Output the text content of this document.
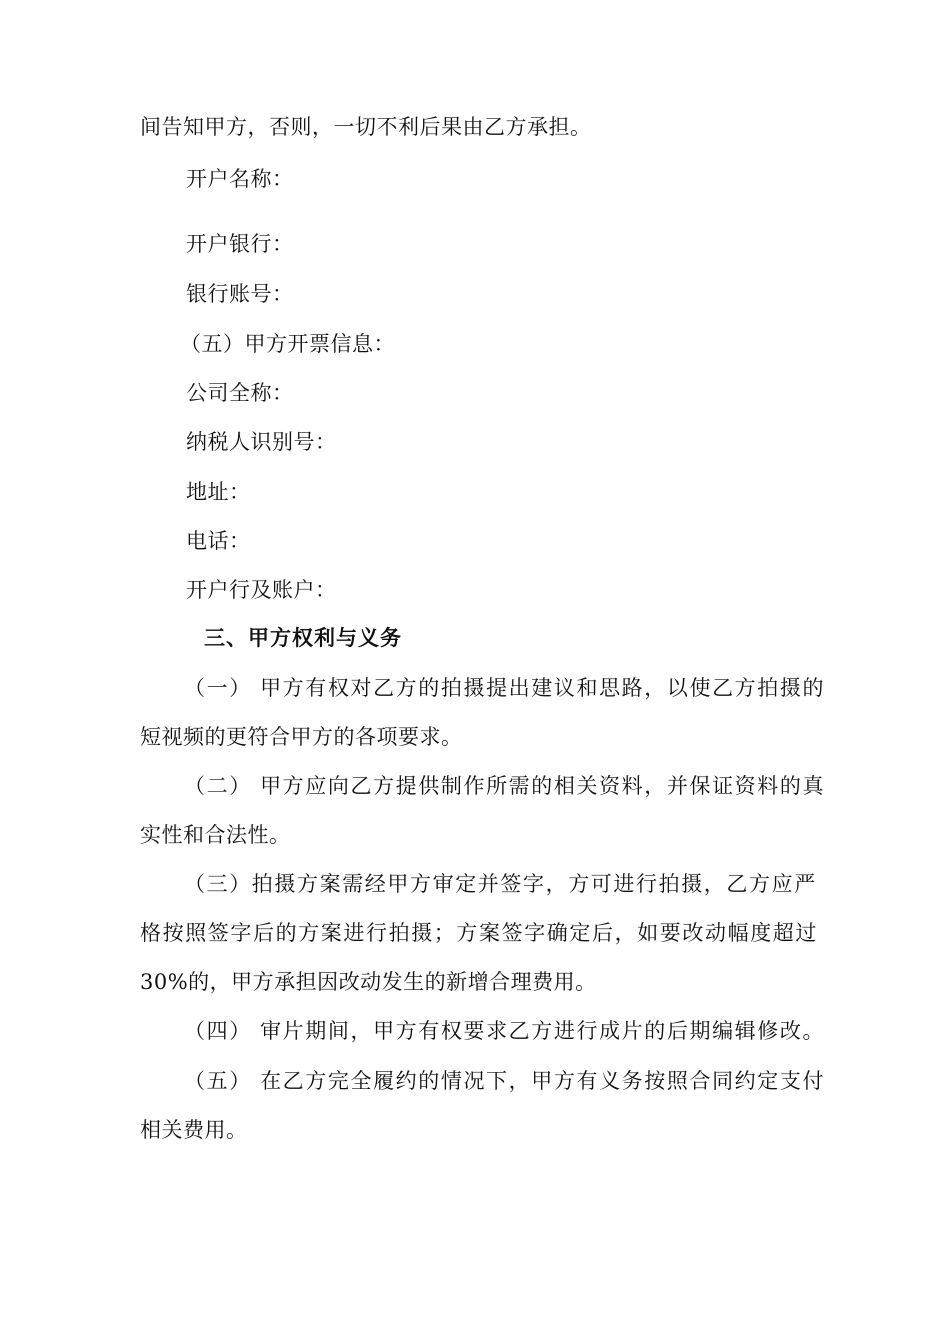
间告知甲方，否则，一切不利后果由乙方承担。
开户名称：
开户银行：
银行账号：
（五）甲方开票信息：
公司全称：
纳税人识别号：
地址：
电话：
开户行及账户：
三、甲方权利与义务
（一） 甲方有权对乙方的拍摄提出建议和思路，以使乙方拍摄的
短视频的更符合甲方的各项要求。
（二） 甲方应向乙方提供制作所需的相关资料，并保证资料的真
实性和合法性。
（三）拍摄方案需经甲方审定并签字，方可进行拍摄，乙方应严
格按照签字后的方案进行拍摄；方案签字确定后，如要改动幅度超过
30%的，甲方承担因改动发生的新增合理费用。
（四） 审片期间，甲方有权要求乙方进行成片的后期编辑修改。
（五） 在乙方完全履约的情况下，甲方有义务按照合同约定支付
相关费用。
